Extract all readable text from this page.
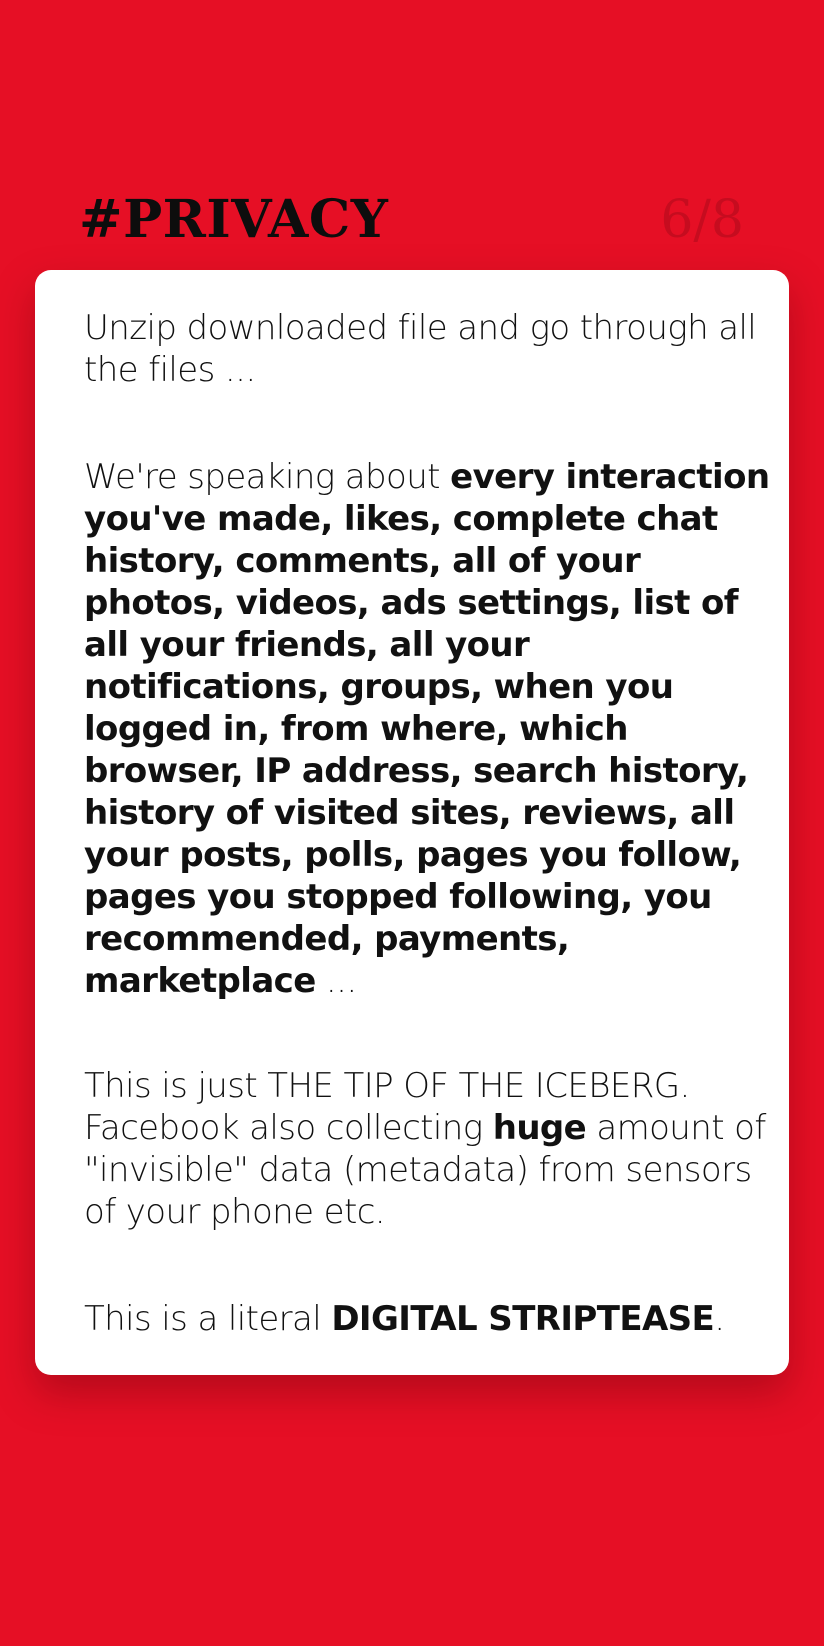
#PRIVACY	6/8

Unzip downloaded file and go through all the files ...

We're speaking about every interaction you've made, likes, complete chat history, comments, all of your photos, videos, ads settings, list of all your friends, all your notifications, groups, when you logged in, from where, which browser, IP address, search history, history of visited sites, reviews, all your posts, polls, pages you follow, pages you stopped following, you recommended, payments, marketplace ...

This is just THE TIP OF THE ICEBERG. Facebook also collecting huge amount of "invisible" data (metadata) from sensors of your phone etc.

This is a literal DIGITAL STRIPTEASE.
